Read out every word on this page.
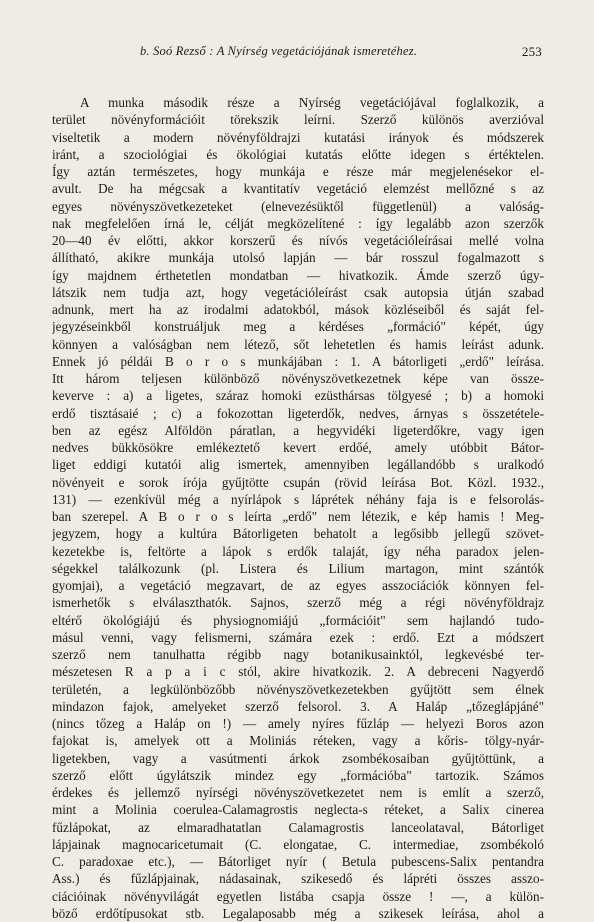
b. Soó Rezső : A Nyírség vegetációjának ismeretéhez.	253
A munka második része a Nyírség vegetációjával foglalkozik, a
terület növényformációit törekszik leírni. Szerző különös averzióval
viseltetik a modern növényföldrajzi kutatási irányok és módszerek
iránt, a szociológiai és ökológiai kutatás előtte idegen s értéktelen.
Így aztán természetes, hogy munkája e része már megjelenésekor el-
avult. De ha mégcsak a kvantitatív vegetáció elemzést mellőzné s az
egyes növényszövetkezeteket (elnevezésüktől függetlenül) a valóság-
nak megfelelően írná le, célját megközelítené : így legalább azon szerzők
20—40 év előtti, akkor korszerű és nívós vegetációleírásai mellé volna
állítható, akikre munkája utolsó lapján — bár rosszul fogalmazott s
így majdnem érthetetlen mondatban — hivatkozik. Ámde szerző úgy-
látszik nem tudja azt, hogy vegetációleírást csak autopsia útján szabad
adnunk, mert ha az irodalmi adatokból, mások közléseiből és saját fel-
jegyzéseinkből konstruáljuk meg a kérdéses „formáció" képét, úgy
könnyen a valóságban nem létező, sőt lehetetlen és hamis leírást adunk.
Ennek jó példái B o r o s munkájában : 1. A bátorligeti „erdő" leírása.
Itt három teljesen különböző növényszövetkezetnek képe van össze-
keverve : a) a ligetes, száraz homoki ezüsthársas tölgyesé ; b) a homoki
erdő tisztásaié ; c) a fokozottan ligeterdők, nedves, árnyas s összetétele-
ben az egész Alföldön páratlan, a hegyvidéki ligeterdőkre, vagy igen
nedves bükkösökre emlékeztető kevert erdőé, amely utóbbit Bátor-
liget eddigi kutatói alig ismertek, amennyiben legállandóbb s uralkodó
növényeit e sorok írója gyűjtötte csupán (rövid leírása Bot. Közl. 1932.,
131) — ezenkívül még a nyírlápok s láprétek néhány faja is e felsorolás-
ban szerepel. A B o r o s leírta „erdő" nem létezik, e kép hamis ! Meg-
jegyzem, hogy a kultúra Bátorligeten behatolt a legősibb jellegű szövet-
kezetekbe is, feltörte a lápok s erdők talaját, így néha paradox jelen-
ségekkel találkozunk (pl. Listera és Lilium martagon, mint szántók
gyomjai), a vegetáció megzavart, de az egyes asszociációk könnyen fel-
ismerhetők s elválaszthatók. Sajnos, szerző még a régi növényföldrajz
eltérő ökológiájú és physiognomiájú „formációit" sem hajlandó tudo-
másul venni, vagy felismerni, számára ezek : erdő. Ezt a módszert
szerző nem tanulhatta régibb nagy botanikusainktól, legkevésbé ter-
mészetesen R a p a i c stól, akire hivatkozik. 2. A debreceni Nagyerdő
területén, a legkülönbözőbb növényszövetkezetekben gyűjtött sem élnek
mindazon fajok, amelyeket szerző felsorol. 3. A Haláp „tőzeglápjáné"
(nincs tőzeg a Haláp on !) — amely nyíres fűzláp — helyezi Boros azon
fajokat is, amelyek ott a Moliniás réteken, vagy a kőris- tölgy-nyár-
ligetekben, vagy a vasútmenti árkok zsombékosaiban gyűjtöttünk, a
szerző előtt úgylátszik mindez egy „formációba" tartozik. Számos
érdekes és jellemző nyírségi növényszövetkezetet nem is említ a szerző,
mint a Molinia coerulea-Calamagrostis neglecta-s réteket, a Salix cinerea
fűzlápokat, az elmaradhatatlan Calamagrostis lanceolataval, Bátorliget
lápjainak magnocaricetumait (C. elongatae, C. intermediae, zsombékoló
C. paradoxae etc.), — Bátorliget nyír ( Betula pubescens-Salix pentandra
Ass.) és fűzlápjainak, nádasainak, szikesedő és lápréti összes asszo-
ciációinak növényvilágát egyetlen listába csapja össze ! —, a külön-
böző erdőtípusokat stb. Legalaposabb még a szikesek leírása, ahol a
